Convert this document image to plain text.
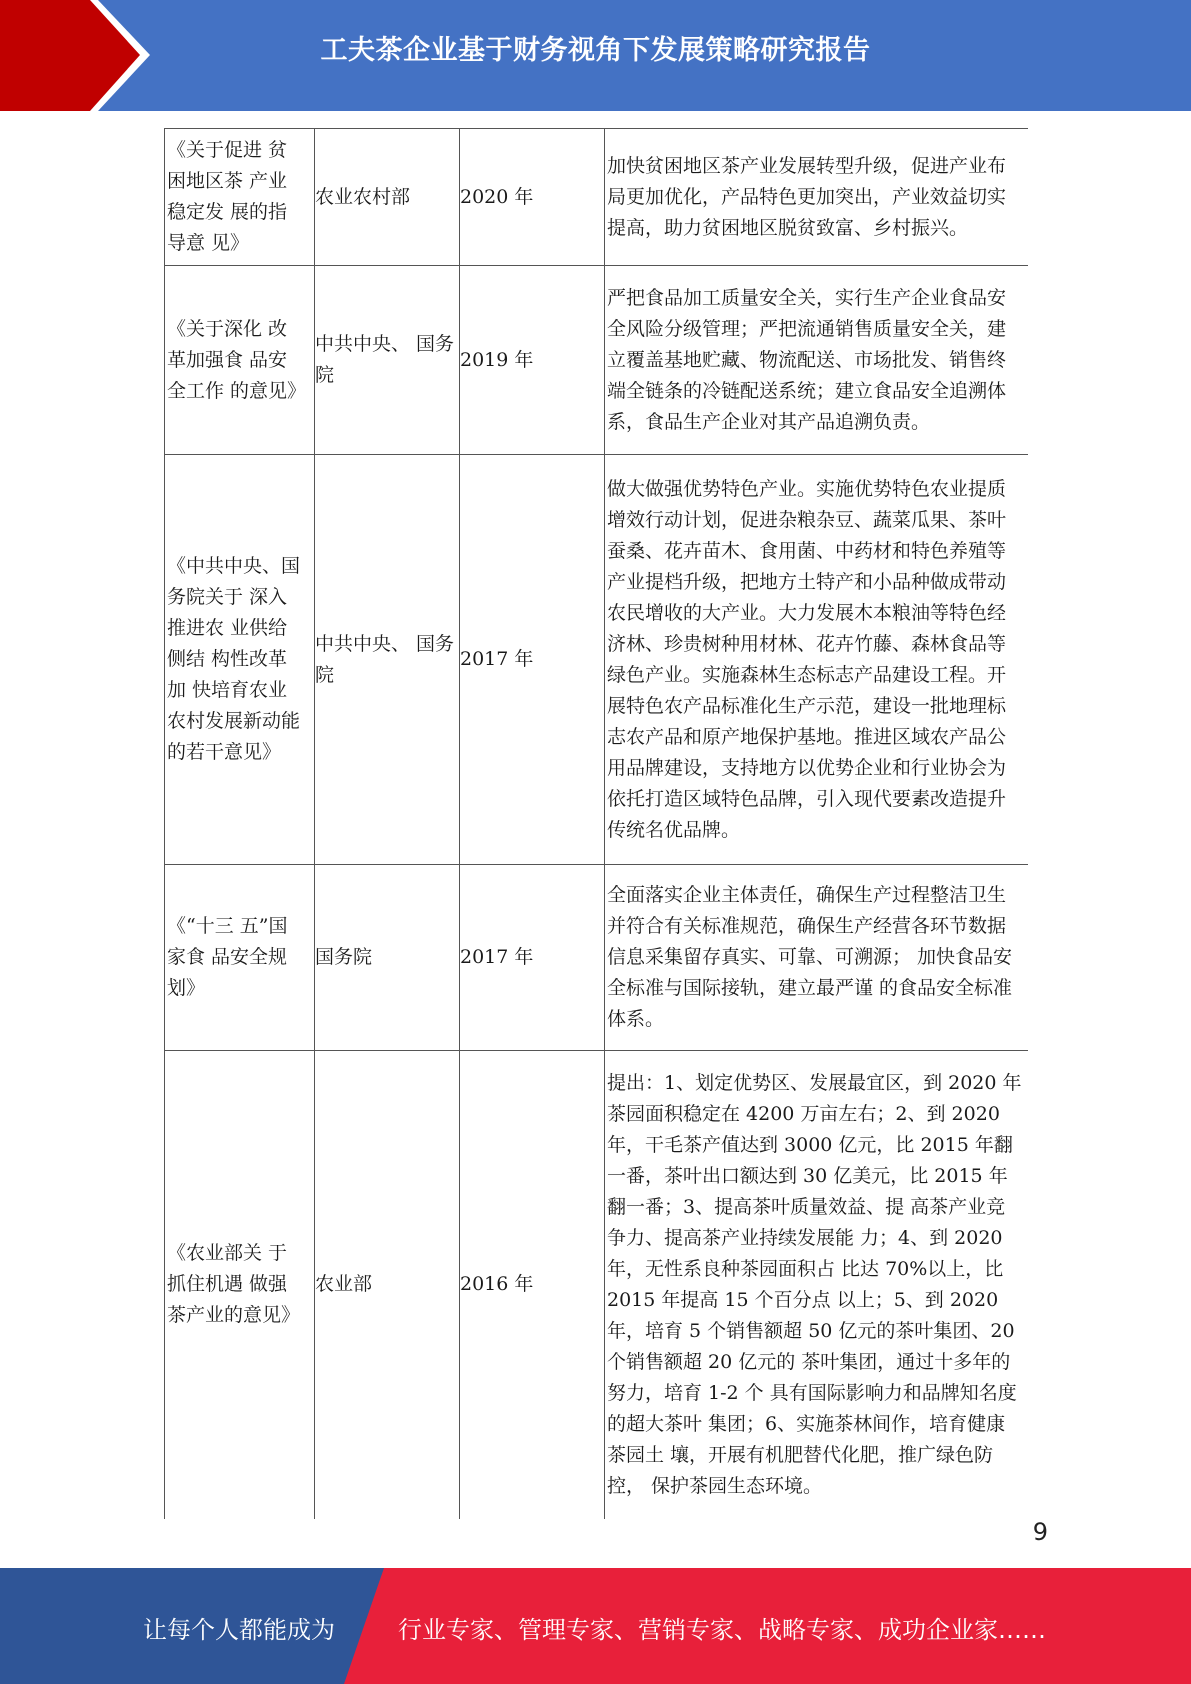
工夫茶企业基于财务视角下发展策略研究报告
《关于促进 贫困地区茶 产业稳定发 展的指导意 见》	农业农村部	2020 年	加快贫困地区茶产业发展转型升级，促进产业布局更加优化，产品特色更加突出，产业效益切实提高，助力贫困地区脱贫致富、乡村振兴。

《关于深化 改革加强食 品安全工作 的意见》	中共中央、 国务院	2019 年	严把食品加工质量安全关，实行生产企业食品安全风险分级管理；严把流通销售质量安全关，建立覆盖基地贮藏、物流配送、市场批发、销售终端全链条的冷链配送系统；建立食品安全追溯体系，食品生产企业对其产品追溯负责。

《中共中央、国务院关于 深入推进农 业供给侧结 构性改革加 快培育农业 农村发展新动能的若干意见》	中共中央、 国务院	2017 年	做大做强优势特色产业。实施优势特色农业提质增效行动计划，促进杂粮杂豆、蔬菜瓜果、茶叶蚕桑、花卉苗木、食用菌、中药材和特色养殖等产业提档升级，把地方土特产和小品种做成带动农民增收的大产业。大力发展木本粮油等特色经济林、珍贵树种用材林、花卉竹藤、森林食品等绿色产业。实施森林生态标志产品建设工程。开展特色农产品标准化生产示范，建设一批地理标志农产品和原产地保护基地。推进区域农产品公用品牌建设，支持地方以优势企业和行业协会为依托打造区域特色品牌，引入现代要素改造提升传统名优品牌。

《“十三 五”国家食 品安全规划》	国务院	2017 年	全面落实企业主体责任，确保生产过程整洁卫生并符合有关标准规范，确保生产经营各环节数据信息采集留存真实、可靠、可溯源； 加快食品安全标准与国际接轨，建立最严谨 的食品安全标准体系。

《农业部关 于抓住机遇 做强茶产业的意见》	农业部	2016 年	提出：1、划定优势区、发展最宜区，到 2020 年茶园面积稳定在 4200 万亩左右；2、到 2020 年，干毛茶产值达到 3000 亿元，比 2015 年翻一番，茶叶出口额达到 30 亿美元，比 2015 年翻一番；3、提高茶叶质量效益、提 高茶产业竞争力、提高茶产业持续发展能 力；4、到 2020 年，无性系良种茶园面积占 比达 70%以上，比 2015 年提高 15 个百分点 以上；5、到 2020 年，培育 5 个销售额超 50 亿元的茶叶集团、20 个销售额超 20 亿元的 茶叶集团，通过十多年的努力，培育 1-2 个 具有国际影响力和品牌知名度的超大茶叶 集团；6、实施茶林间作，培育健康茶园土 壤，开展有机肥替代化肥，推广绿色防控， 保护茶园生态环境。
9
让每个人都能成为	行业专家、管理专家、营销专家、战略专家、成功企业家……
